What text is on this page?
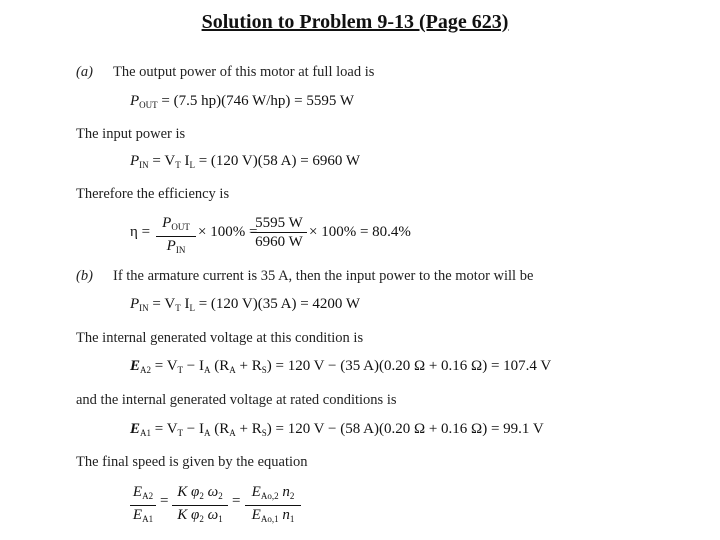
Solution to Problem 9-13 (Page 623)
(a) The output power of this motor at full load is
$P_{OUT} = (7.5$ hp)(746 W/hp) = 5595 W
The input power is
$P_{IN} = V_T$ $I_L = (120$ V)(58 A) = 6960 W
Therefore the efficiency is
η =
$P_{OUT}$
$P_{IN}$
× 100% =
$\frac{5595 W}{6960 W} \times 100\% = 80.4\%$
(b) If the armature current is 35 A, then the input power to the motor will be
$P_{IN} = V_T$ $I_L = (120$ V)(35 A) = 4200 W
The internal generated voltage at this condition is
$E_{A2} = V_T - I_A$ $(R_A + R_S) = 120$ V − (35 A)(0.20 Ω + 0.16 Ω) = 107.4 V
and the internal generated voltage at rated conditions is
$E_{A1} = V_T - I_A$ $(R_A + R_S) = 120$ V − (58 A)(0.20 Ω + 0.16 Ω) = 99.1 V
The final speed is given by the equation
$\frac{E_{A2}}{E_{A1}} = \frac{K \varphi_2 \omega_2}{K \varphi_2 \omega_1}$ =
$E_{Ao,2}$ $n_2$
$E_{Ao,1}$ $n_1$
